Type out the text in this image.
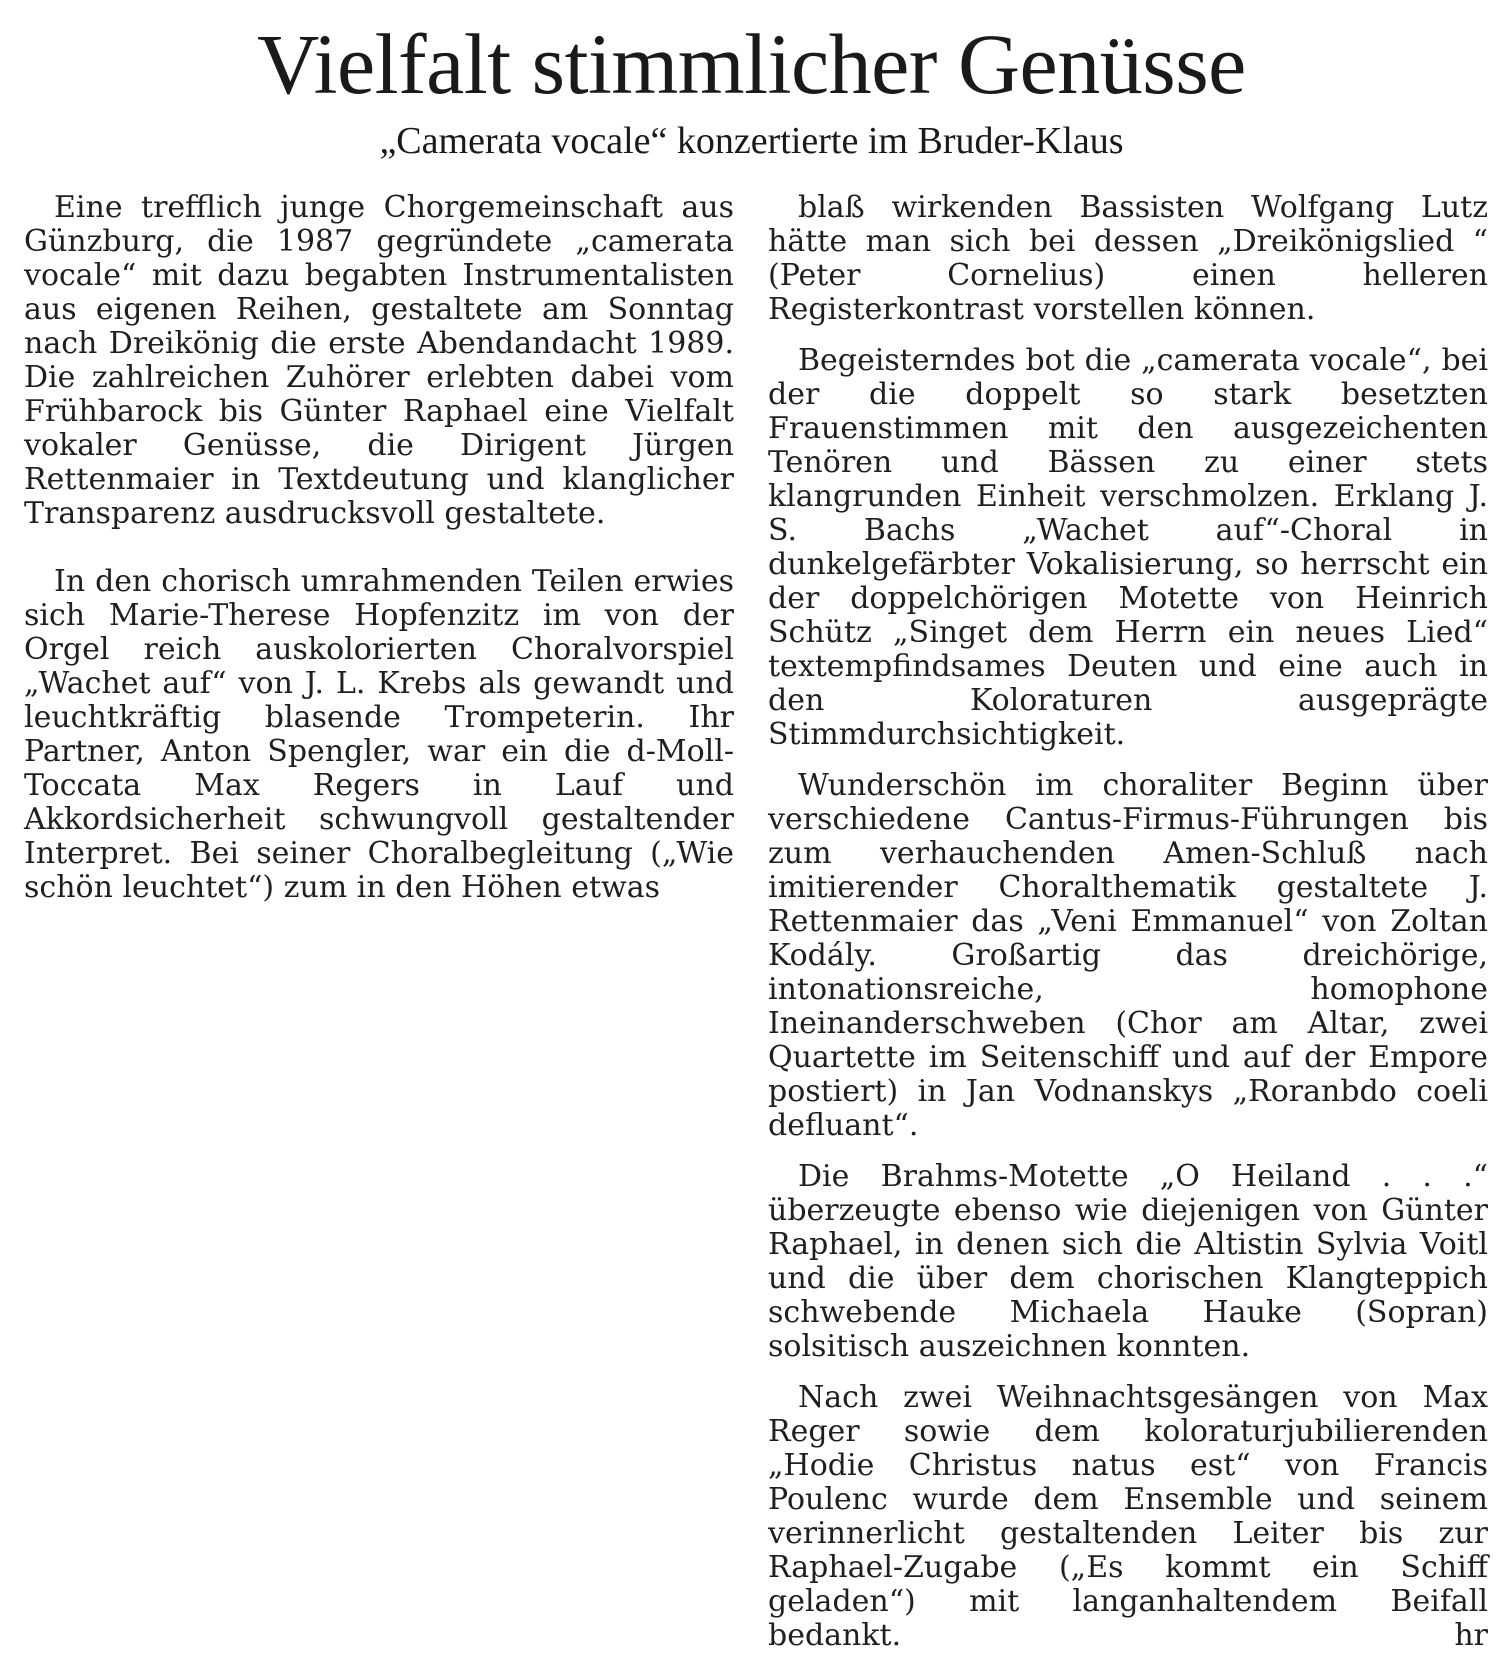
Vielfalt stimmlicher Genüsse
„Camerata vocale“ konzertierte im Bruder-Klaus

Eine trefflich junge Chorgemeinschaft aus Günzburg, die 1987 gegründete „camerata vocale“ mit dazu begabten Instrumentalisten aus eigenen Reihen, gestaltete am Sonntag nach Dreikönig die erste Abendandacht 1989. Die zahlreichen Zuhörer erlebten dabei vom Frühbarock bis Günter Raphael eine Vielfalt vokaler Genüsse, die Dirigent Jürgen Rettenmaier in Textdeutung und klanglicher Transparenz ausdrucksvoll gestaltete.

In den chorisch umrahmenden Teilen erwies sich Marie-Therese Hopfenzitz im von der Orgel reich auskolorierten Choralvorspiel „Wachet auf“ von J. L. Krebs als gewandt und leuchtkräftig blasende Trompeterin. Ihr Partner, Anton Spengler, war ein die d-Moll-Toccata Max Regers in Lauf und Akkordsicherheit schwungvoll gestaltender Interpret. Bei seiner Choralbegleitung („Wie schön leuchtet“) zum in den Höhen etwas

blaß wirkenden Bassisten Wolfgang Lutz hätte man sich bei dessen „Dreikönigslied “ (Peter Cornelius) einen helleren Registerkontrast vorstellen können.

Begeisterndes bot die „camerata vocale“, bei der die doppelt so stark besetzten Frauenstimmen mit den ausgezeichenten Tenören und Bässen zu einer stets klangrunden Einheit verschmolzen. Erklang J. S. Bachs „Wachet auf“-Choral in dunkelgefärbter Vokalisierung, so herrscht ein der doppelchörigen Motette von Heinrich Schütz „Singet dem Herrn ein neues Lied“ textempfindsames Deuten und eine auch in den Koloraturen ausgeprägte Stimmdurchsichtigkeit.

Wunderschön im choraliter Beginn über verschiedene Cantus-Firmus-Führungen bis zum verhauchenden Amen-Schluß nach imitierender Choralthematik gestaltete J. Rettenmaier das „Veni Emmanuel“ von Zoltan Kodály. Großartig das dreichörige, intonationsreiche, homophone Ineinanderschweben (Chor am Altar, zwei Quartette im Seitenschiff und auf der Empore postiert) in Jan Vodnanskys „Roranbdo coeli defluant“.

Die Brahms-Motette „O Heiland . . .“ überzeugte ebenso wie diejenigen von Günter Raphael, in denen sich die Altistin Sylvia Voitl und die über dem chorischen Klangteppich schwebende Michaela Hauke (Sopran) solsitisch auszeichnen konnten.

Nach zwei Weihnachtsgesängen von Max Reger sowie dem koloraturjubilierenden „Hodie Christus natus est“ von Francis Poulenc wurde dem Ensemble und seinem verinnerlicht gestaltenden Leiter bis zur Raphael-Zugabe („Es kommt ein Schiff geladen“) mit langanhaltendem Beifall bedankt.	hr
